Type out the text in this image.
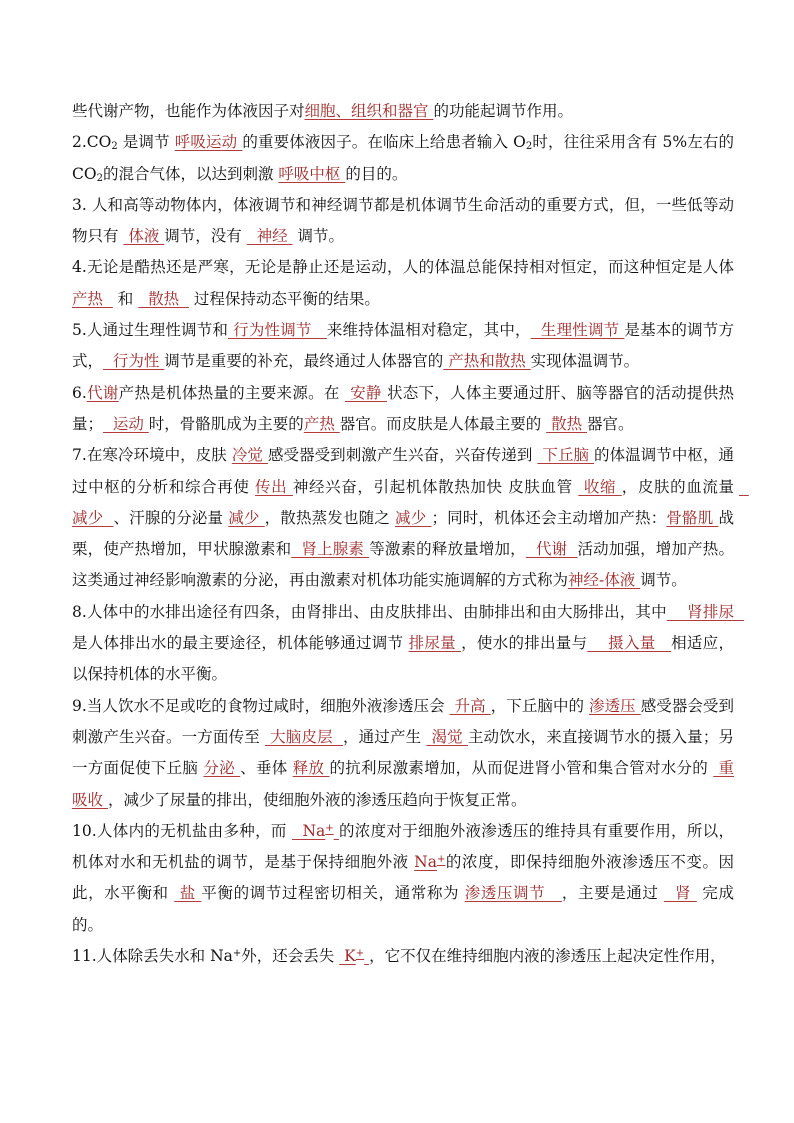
些代谢产物，也能作为体液因子对细胞、组织和器官 的功能起调节作用。

$2.CO_2$ 是调节 呼吸运动 的重要体液因子。在临床上给患者输入 $O_2$时，往往采用含有 5%左右的 $CO_2$的混合气体，以达到刺激 呼吸中枢 的目的。

3. 人和高等动物体内，体液调节和神经调节都是机体调节生命活动的重要方式，但，一些低等动物只有  体液 调节，没有   神经  调节。

4.无论是酷热还是严寒，无论是静止还是运动，人的体温总能保持相对恒定，而这种恒定是人体产热   和   散热   过程保持动态平衡的结果。

5.人通过生理性调节和 行为性调节   来维持体温相对稳定，其中，  生理性调节 是基本的调节方式，  行为性 调节是重要的补充，最终通过人体器官的 产热和散热 实现体温调节。

6.代谢产热是机体热量的主要来源。在  安静 状态下，人体主要通过肝、脑等器官的活动提供热量；  运动 时，骨骼肌成为主要的产热 器官。而皮肤是人体最主要的  散热 器官。

7.在寒冷环境中，皮肤 冷觉 感受器受到刺激产生兴奋，兴奋传递到  下丘脑 的体温调节中枢，通过中枢的分析和综合再使 传出 神经兴奋，引起机体散热加快 皮肤血管  收缩 ，皮肤的血流量   减少  、汗腺的分泌量 减少 ，散热蒸发也随之 减少 ；同时，机体还会主动增加产热：骨骼肌 战栗，使产热增加，甲状腺激素和  肾上腺素 等激素的释放量增加，  代谢  活动加强，增加产热。这类通过神经影响激素的分泌，再由激素对机体功能实施调解的方式称为神经-体液 调节。

8.人体中的水排出途径有四条，由肾排出、由皮肤排出、由肺排出和由大肠排出，其中    肾排尿  是人体排出水的最主要途径，机体能够通过调节 排尿量 ，使水的排出量与    摄入量   相适应，以保持机体的水平衡。

9.当人饮水不足或吃的食物过咸时，细胞外液渗透压会  升高 ，下丘脑中的 渗透压 感受器会受到刺激产生兴奋。一方面传至  大脑皮层  ，通过产生  渴觉 主动饮水，来直接调节水的摄入量；另一方面促使下丘脑 分泌 、垂体 释放 的抗利尿激素增加，从而促进肾小管和集合管对水分的  重吸收 ，减少了尿量的排出，使细胞外液的渗透压趋向于恢复正常。

10.人体内的无机盐由多种，而   Na+ 的浓度对于细胞外液渗透压的维持具有重要作用，所以，机体对水和无机盐的调节，是基于保持细胞外液 Na+的浓度，即保持细胞外液渗透压不变。因此，水平衡和  盐 平衡的调节过程密切相关，通常称为 渗透压调节   ，主要是通过   肾  完成的。

11.人体除丢失水和 Na+外，还会丢失  K+ ，它不仅在维持细胞内液的渗透压上起决定性作用，
